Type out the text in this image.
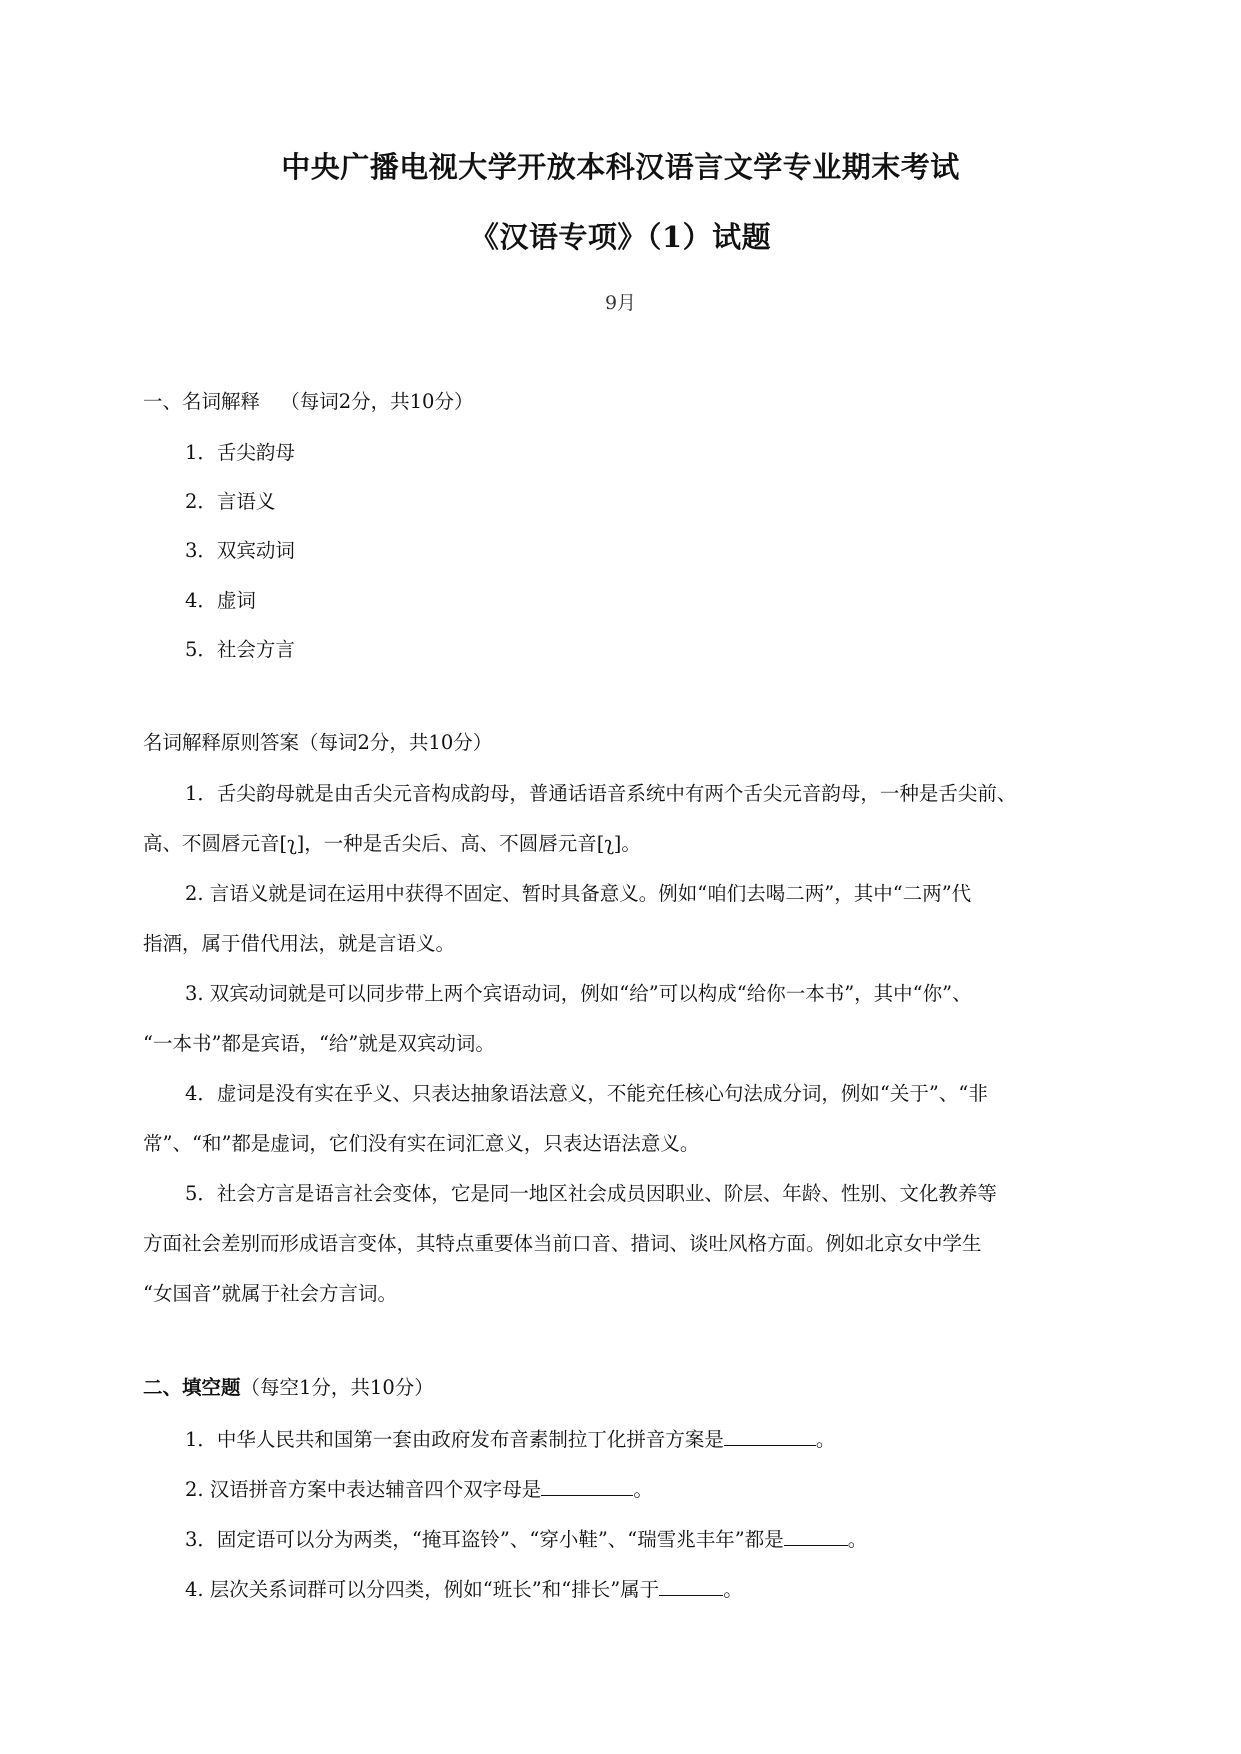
中央广播电视大学开放本科汉语言文学专业期末考试
《汉语专项》（1）试题
9月
一、名词解释 （每词2分，共10分）
1．舌尖韵母
2．言语义
3．双宾动词
4．虚词
5．社会方言
名词解释原则答案（每词2分，共10分）
1．舌尖韵母就是由舌尖元音构成韵母，普通话语音系统中有两个舌尖元音韵母，一种是舌尖前、
高、不圆唇元音[ʅ]，一种是舌尖后、高、不圆唇元音[ʅ]。
2. 言语义就是词在运用中获得不固定、暂时具备意义。例如“咱们去喝二两”，其中“二两”代
指酒，属于借代用法，就是言语义。
3. 双宾动词就是可以同步带上两个宾语动词，例如“给”可以构成“给你一本书”，其中“你”、
“一本书”都是宾语，“给”就是双宾动词。
4．虚词是没有实在乎义、只表达抽象语法意义，不能充任核心句法成分词，例如“关于”、“非
常”、“和”都是虚词，它们没有实在词汇意义，只表达语法意义。
5．社会方言是语言社会变体，它是同一地区社会成员因职业、阶层、年龄、性别、文化教养等
方面社会差别而形成语言变体，其特点重要体当前口音、措词、谈吐风格方面。例如北京女中学生
“女国音”就属于社会方言词。
二、填空题（每空1分，共10分）
1．中华人民共和国第一套由政府发布音素制拉丁化拼音方案是	。
2. 汉语拼音方案中表达辅音四个双字母是	。
3．固定语可以分为两类，“掩耳盗铃”、“穿小鞋”、“瑞雪兆丰年”都是	。
4. 层次关系词群可以分四类，例如“班长”和“排长”属于	。
